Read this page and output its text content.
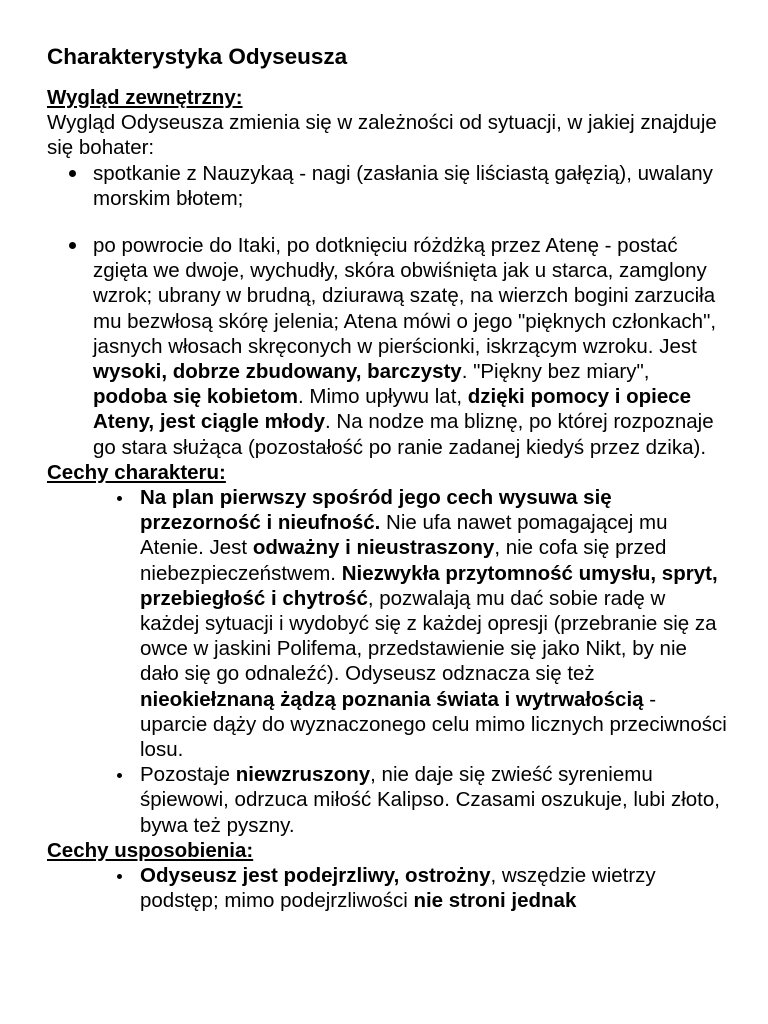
Charakterystyka Odyseusza

Wygląd zewnętrzny:

Wygląd Odyseusza zmienia się w zależności od sytuacji, w jakiej znajduje się bohater:

spotkanie z Nauzykaą - nagi (zasłania się liściastą gałęzią), uwalany morskim błotem;
po powrocie do Itaki, po dotknięciu różdżką przez Atenę - postać zgięta we dwoje, wychudły, skóra obwiśnięta jak u starca, zamglony wzrok; ubrany w brudną, dziurawą szatę, na wierzch bogini zarzuciła mu bezwłosą skórę jelenia; Atena mówi o jego "pięknych członkach", jasnych włosach skręconych w pierścionki, iskrzącym wzroku. Jest wysoki, dobrze zbudowany, barczysty. "Piękny bez miary", podoba się kobietom. Mimo upływu lat, dzięki pomocy i opiece Ateny, jest ciągle młody. Na nodze ma bliznę, po której rozpoznaje go stara służąca (pozostałość po ranie zadanej kiedyś przez dzika).

Cechy charakteru:

Na plan pierwszy spośród jego cech wysuwa się przezorność i nieufność. Nie ufa nawet pomagającej mu Atenie. Jest odważny i nieustraszony, nie cofa się przed niebezpieczeństwem. Niezwykła przytomność umysłu, spryt, przebiegłość i chytrość, pozwalają mu dać sobie radę w każdej sytuacji i wydobyć się z każdej opresji (przebranie się za owce w jaskini Polifema, przedstawienie się jako Nikt, by nie dało się go odnaleźć). Odyseusz odznacza się też nieokiełznaną żądzą poznania świata i wytrwałością - uparcie dąży do wyznaczonego celu mimo licznych przeciwności losu.
Pozostaje niewzruszony, nie daje się zwieść syreniemu śpiewowi, odrzuca miłość Kalipso. Czasami oszukuje, lubi złoto, bywa też pyszny.

Cechy usposobienia:

Odyseusz jest podejrzliwy, ostrożny, wszędzie wietrzy podstęp; mimo podejrzliwości nie stroni jednak
